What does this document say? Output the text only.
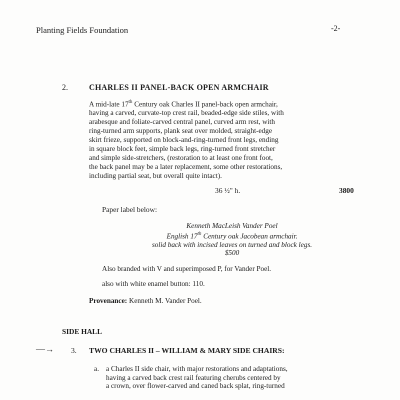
Planting Fields Foundation	-2-
2.	CHARLES II PANEL-BACK OPEN ARMCHAIR
A mid-late 17th Century oak Charles II panel-back open armchair,
having a carved, curvate-top crest rail, beaded-edge side stiles, with
arabesque and foliate-carved central panel, curved arm rest, with
ring-turned arm supports, plank seat over molded, straight-edge
skirt frieze, supported on block-and-ring-turned front legs, ending
in square block feet, simple back legs, ring-turned front stretcher
and simple side-stretchers, (restoration to at least one front foot,
the back panel may be a later replacement, some other restorations,
including partial seat, but overall quite intact).
36 ½" h.	3800
Paper label below:
Kenneth MacLeish Vander Poel
English 17th Century oak Jacobean armchair.
solid back with incised leaves on turned and block legs.
$500
Also branded with V and superimposed P, for Vander Poel.
also with white enamel button: 110.
Provenance: Kenneth M. Vander Poel.
SIDE HALL
—→ 3. TWO CHARLES II – WILLIAM & MARY SIDE CHAIRS:
a. a Charles II side chair, with major restorations and adaptations,
having a carved back crest rail featuring cherubs centered by
a crown, over flower-carved and caned back splat, ring-turned
